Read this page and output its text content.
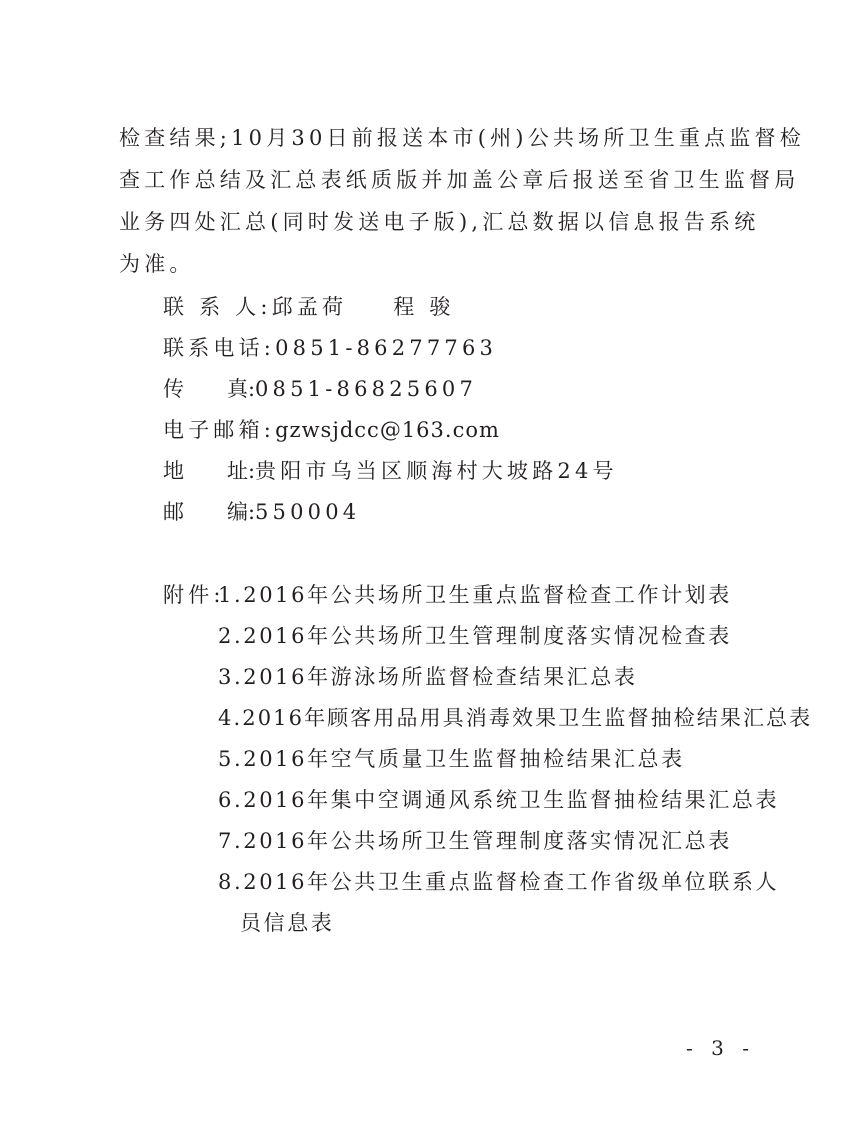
检查结果;10月30日前报送本市(州)公共场所卫生重点监督检
查工作总结及汇总表纸质版并加盖公章后报送至省卫生监督局
业务四处汇总(同时发送电子版),汇总数据以信息报告系统
为准。
联 系 人:邱孟荷 程 骏
联系电话:0851-86277763
传 真:0851-86825607
电子邮箱:gzwsjdcc@163.com
地 址:贵阳市乌当区顺海村大坡路24号
邮 编:550004
附件:
1.2016年公共场所卫生重点监督检查工作计划表
2.2016年公共场所卫生管理制度落实情况检查表
3.2016年游泳场所监督检查结果汇总表
4.2016年顾客用品用具消毒效果卫生监督抽检结果汇总表
5.2016年空气质量卫生监督抽检结果汇总表
6.2016年集中空调通风系统卫生监督抽检结果汇总表
7.2016年公共场所卫生管理制度落实情况汇总表
8.2016年公共卫生重点监督检查工作省级单位联系人
员信息表
- 3 -
